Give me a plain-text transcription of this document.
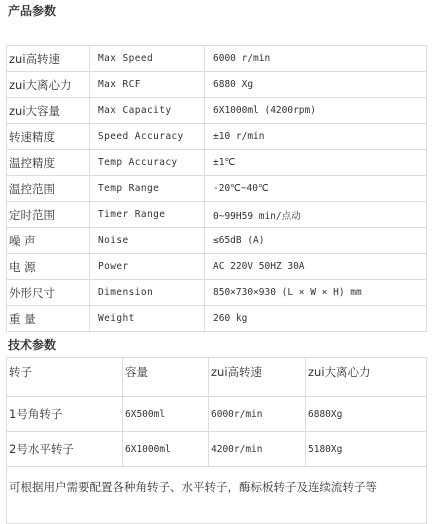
产品参数
zui高转速	Max Speed	6000 r/min
zui大离心力	Max RCF	6880 Xg
zui大容量	Max Capacity	6X1000ml (4200rpm)
转速精度	Speed Accuracy	±10 r/min
温控精度	Temp Accuracy	±1℃
温控范围	Temp Range	-20℃~40℃
定时范围	Timer Range	0~99H59 min/点动
噪 声	Noise	≤65dB (A)
电 源	Power	AC 220V 50HZ 30A
外形尺寸	Dimension	850×730×930 (L × W × H) mm
重 量	Weight	260 kg
技术参数
转子	容量	zui高转速	zui大离心力
1号角转子	6X500ml	6000r/min	6880Xg
2号水平转子	6X1000ml	4200r/min	5180Xg
可根据用户需要配置各种角转子、水平转子，酶标板转子及连续流转子等			
